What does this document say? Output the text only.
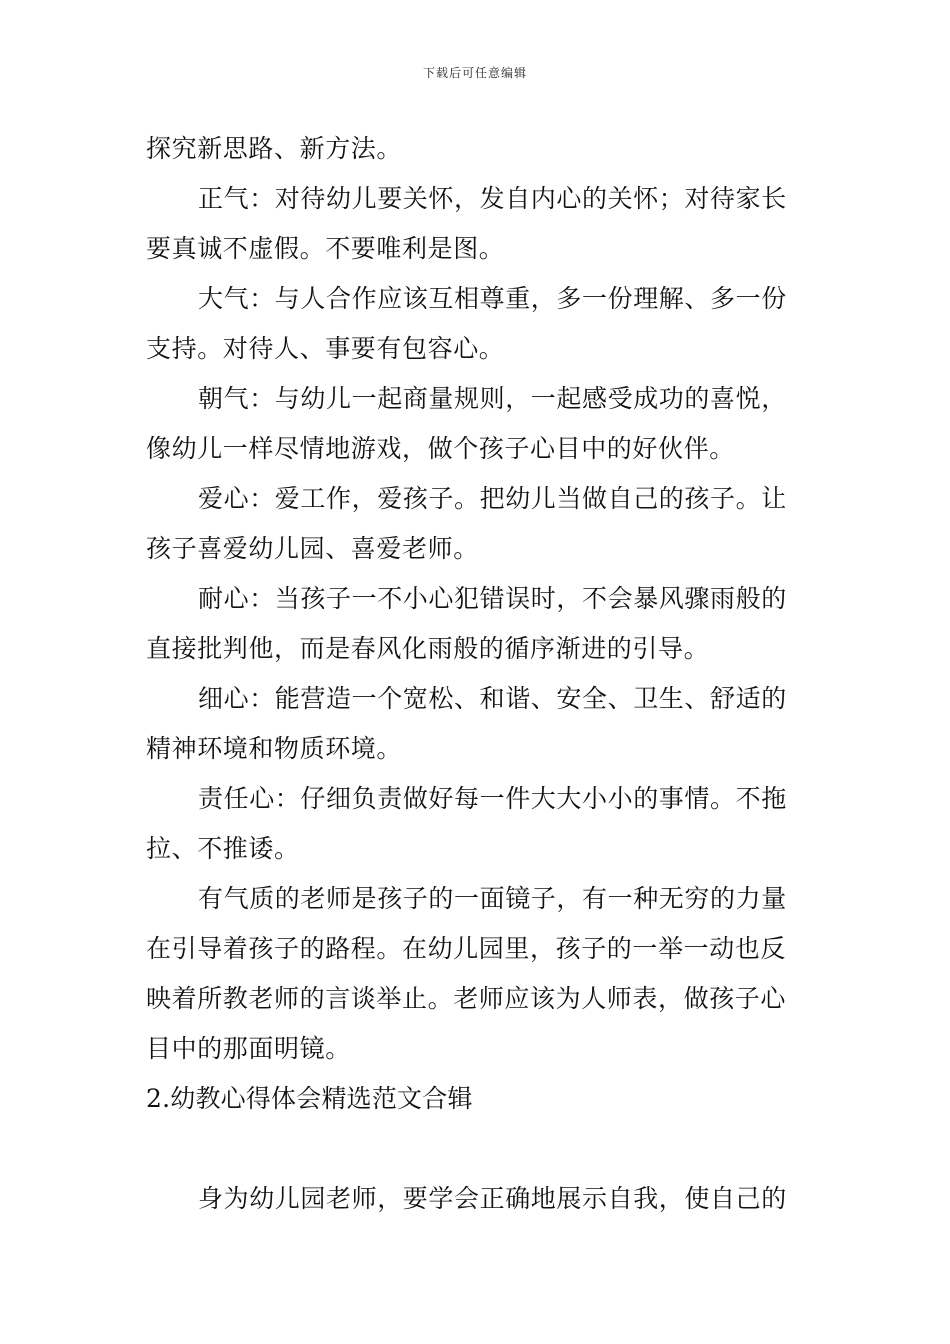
下载后可任意编辑
探究新思路、新方法。
正气：对待幼儿要关怀，发自内心的关怀；对待家长
要真诚不虚假。不要唯利是图。
大气：与人合作应该互相尊重，多一份理解、多一份
支持。对待人、事要有包容心。
朝气：与幼儿一起商量规则，一起感受成功的喜悦，
像幼儿一样尽情地游戏，做个孩子心目中的好伙伴。
爱心：爱工作，爱孩子。把幼儿当做自己的孩子。让
孩子喜爱幼儿园、喜爱老师。
耐心：当孩子一不小心犯错误时，不会暴风骤雨般的
直接批判他，而是春风化雨般的循序渐进的引导。
细心：能营造一个宽松、和谐、安全、卫生、舒适的
精神环境和物质环境。
责任心：仔细负责做好每一件大大小小的事情。不拖
拉、不推诿。
有气质的老师是孩子的一面镜子，有一种无穷的力量
在引导着孩子的路程。在幼儿园里，孩子的一举一动也反
映着所教老师的言谈举止。老师应该为人师表，做孩子心
目中的那面明镜。
2.幼教心得体会精选范文合辑
身为幼儿园老师，要学会正确地展示自我，使自己的
